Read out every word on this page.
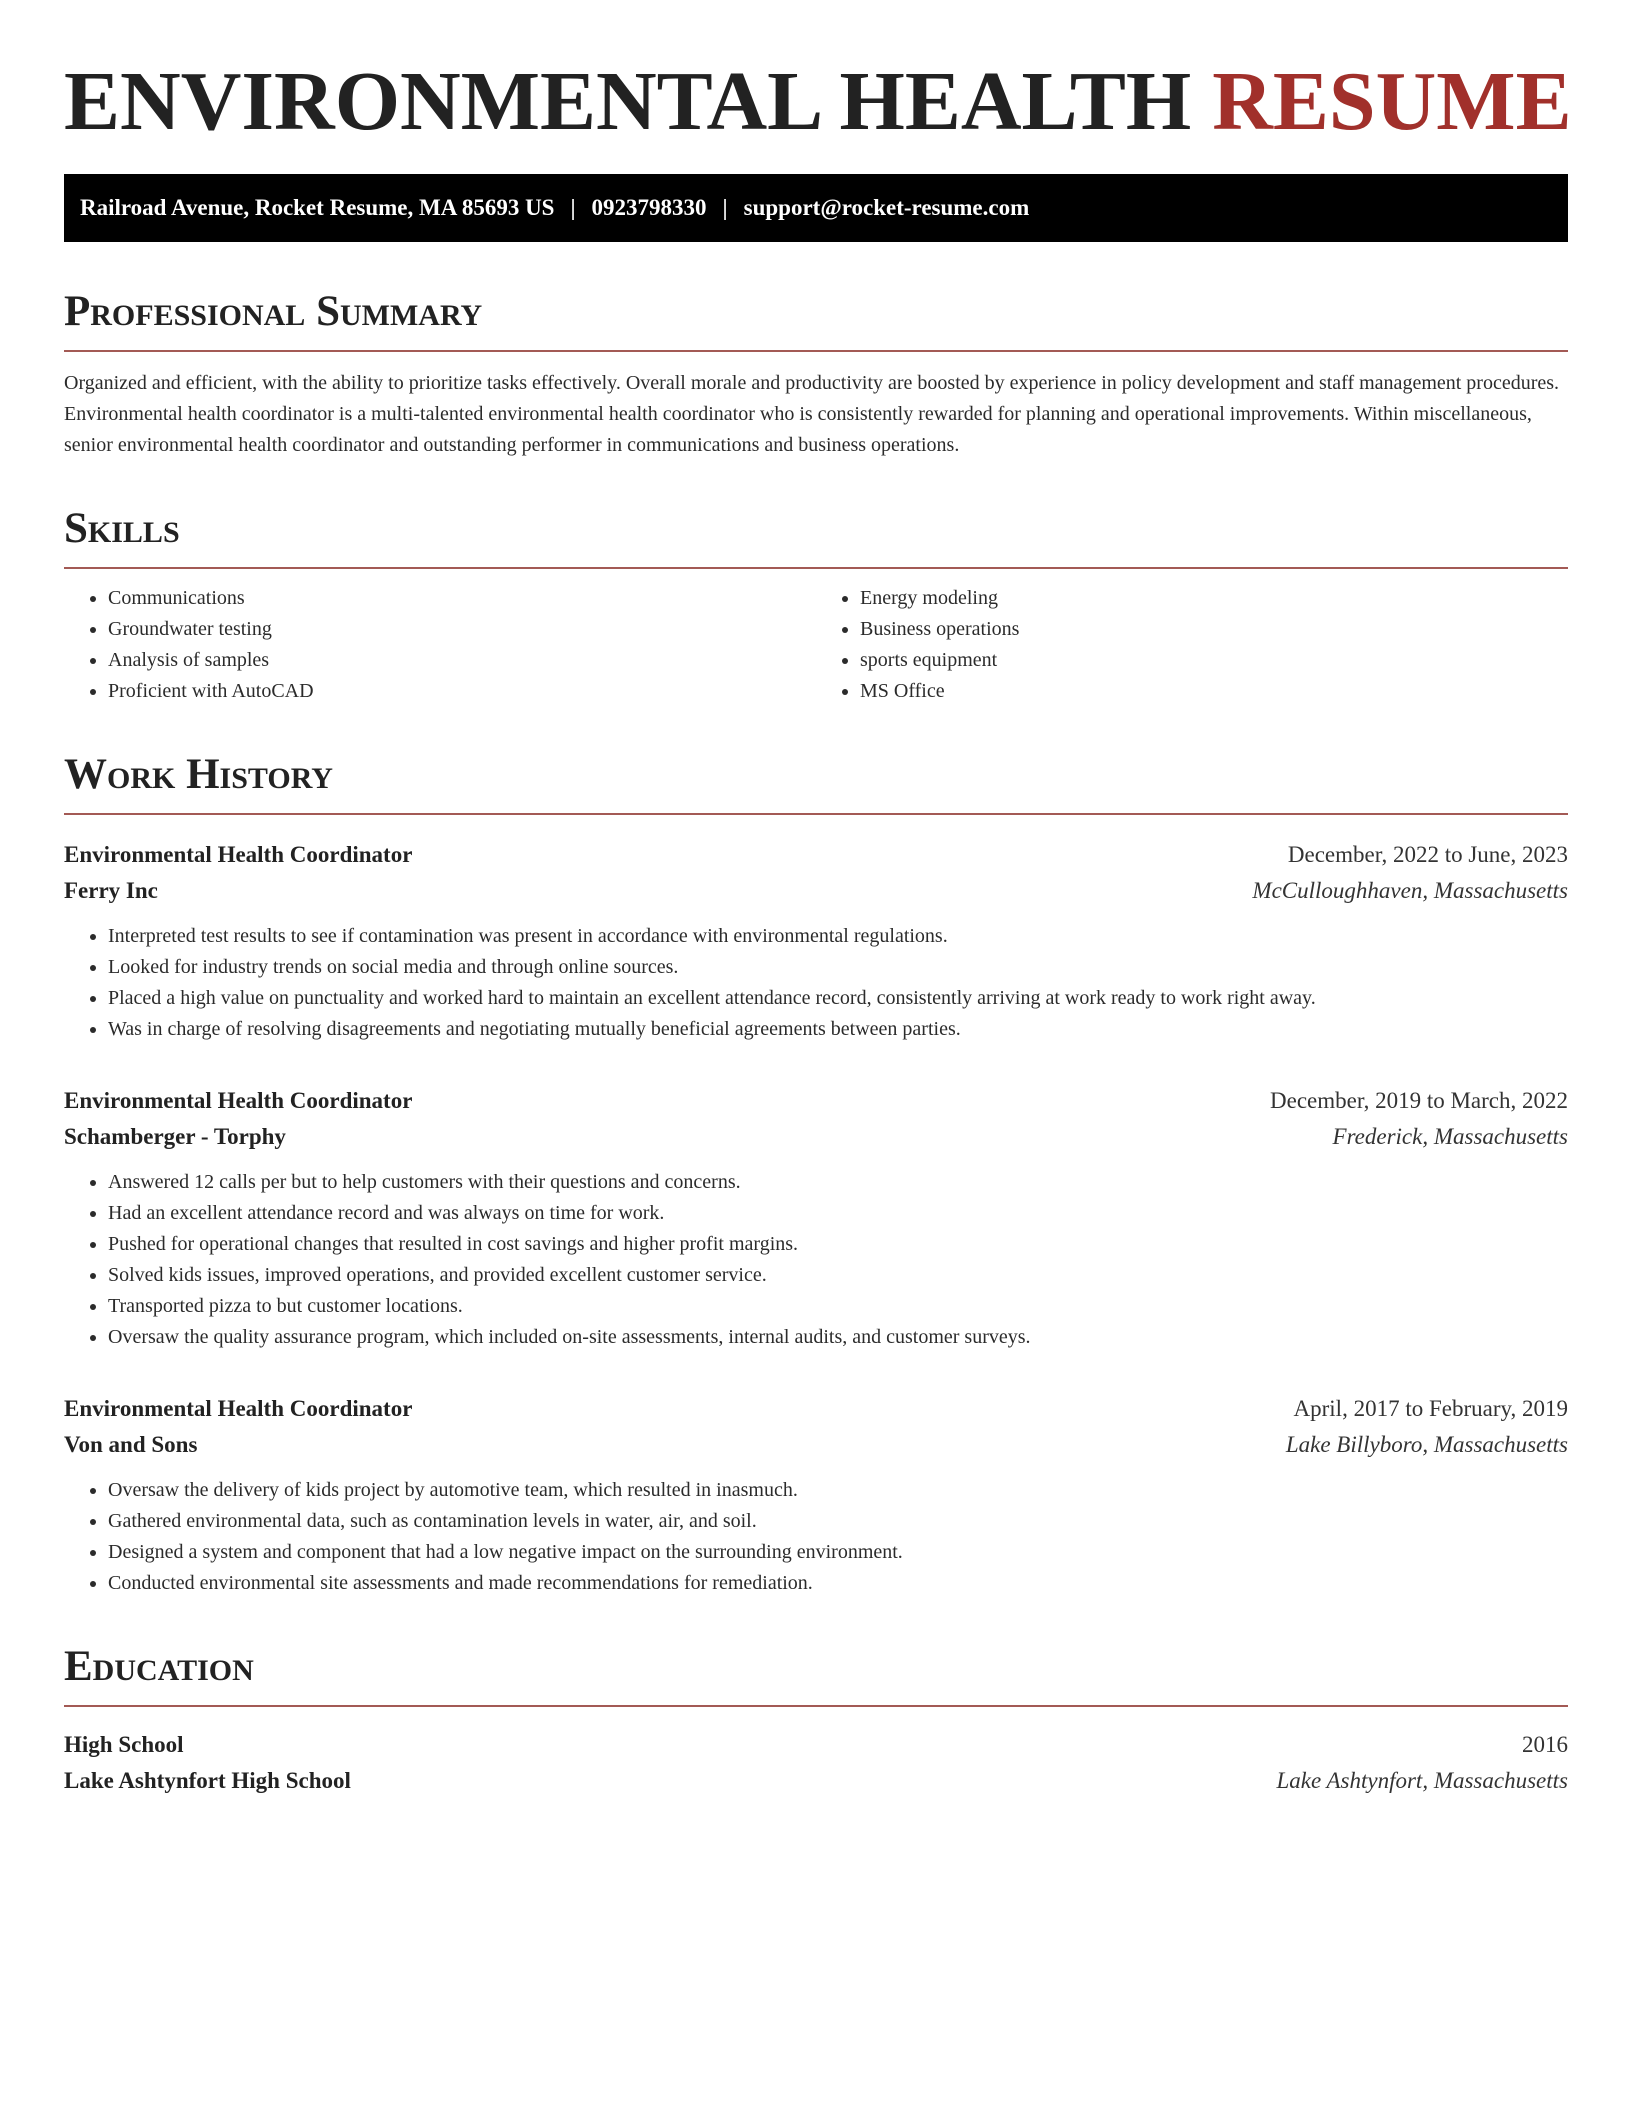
ENVIRONMENTAL HEALTH RESUME
Railroad Avenue, Rocket Resume, MA 85693 US | 0923798330 | support@rocket-resume.com
Professional Summary

Organized and efficient, with the ability to prioritize tasks effectively. Overall morale and productivity are boosted by experience in policy development and staff management procedures. Environmental health coordinator is a multi-talented environmental health coordinator who is consistently rewarded for planning and operational improvements. Within miscellaneous, senior environmental health coordinator and outstanding performer in communications and business operations.

Skills
• Communications
• Groundwater testing
• Analysis of samples
• Proficient with AutoCAD
• Energy modeling
• Business operations
• sports equipment
• MS Office
Work History
Environmental Health Coordinator	December, 2022 to June, 2023
Ferry Inc	McCulloughhaven, Massachusetts
• Interpreted test results to see if contamination was present in accordance with environmental regulations.
• Looked for industry trends on social media and through online sources.
• Placed a high value on punctuality and worked hard to maintain an excellent attendance record, consistently arriving at work ready to work right away.
• Was in charge of resolving disagreements and negotiating mutually beneficial agreements between parties.
Environmental Health Coordinator	December, 2019 to March, 2022
Schamberger - Torphy	Frederick, Massachusetts
• Answered 12 calls per but to help customers with their questions and concerns.
• Had an excellent attendance record and was always on time for work.
• Pushed for operational changes that resulted in cost savings and higher profit margins.
• Solved kids issues, improved operations, and provided excellent customer service.
• Transported pizza to but customer locations.
• Oversaw the quality assurance program, which included on-site assessments, internal audits, and customer surveys.
Environmental Health Coordinator	April, 2017 to February, 2019
Von and Sons	Lake Billyboro, Massachusetts
• Oversaw the delivery of kids project by automotive team, which resulted in inasmuch.
• Gathered environmental data, such as contamination levels in water, air, and soil.
• Designed a system and component that had a low negative impact on the surrounding environment.
• Conducted environmental site assessments and made recommendations for remediation.
Education
High School	2016
Lake Ashtynfort High School	Lake Ashtynfort, Massachusetts
